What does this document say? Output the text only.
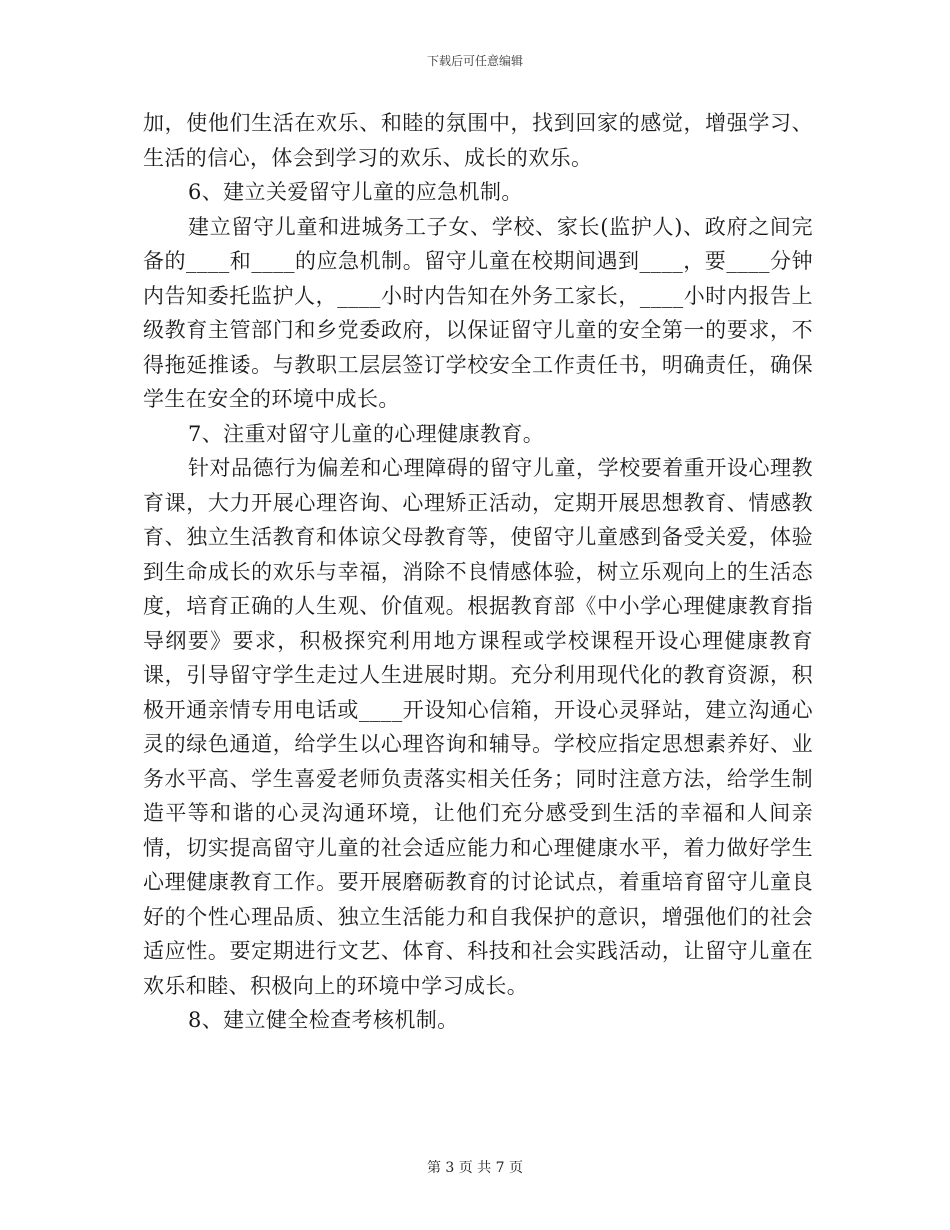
下载后可任意编辑

加，使他们生活在欢乐、和睦的氛围中，找到回家的感觉，增强学习、生活的信心，体会到学习的欢乐、成长的欢乐。

6、建立关爱留守儿童的应急机制。

建立留守儿童和进城务工子女、学校、家长(监护人)、政府之间完备的____和____的应急机制。留守儿童在校期间遇到____，要____分钟内告知委托监护人，____小时内告知在外务工家长，____小时内报告上级教育主管部门和乡党委政府，以保证留守儿童的安全第一的要求，不得拖延推诿。与教职工层层签订学校安全工作责任书，明确责任，确保学生在安全的环境中成长。

7、注重对留守儿童的心理健康教育。

针对品德行为偏差和心理障碍的留守儿童，学校要着重开设心理教育课，大力开展心理咨询、心理矫正活动，定期开展思想教育、情感教育、独立生活教育和体谅父母教育等，使留守儿童感到备受关爱，体验到生命成长的欢乐与幸福，消除不良情感体验，树立乐观向上的生活态度，培育正确的人生观、价值观。根据教育部《中小学心理健康教育指导纲要》要求，积极探究利用地方课程或学校课程开设心理健康教育课，引导留守学生走过人生进展时期。充分利用现代化的教育资源，积极开通亲情专用电话或____开设知心信箱，开设心灵驿站，建立沟通心灵的绿色通道，给学生以心理咨询和辅导。学校应指定思想素养好、业务水平高、学生喜爱老师负责落实相关任务；同时注意方法，给学生制造平等和谐的心灵沟通环境，让他们充分感受到生活的幸福和人间亲情，切实提高留守儿童的社会适应能力和心理健康水平，着力做好学生心理健康教育工作。要开展磨砺教育的讨论试点，着重培育留守儿童良好的个性心理品质、独立生活能力和自我保护的意识，增强他们的社会适应性。要定期进行文艺、体育、科技和社会实践活动，让留守儿童在欢乐和睦、积极向上的环境中学习成长。

8、建立健全检查考核机制。

第 3 页 共 7 页
